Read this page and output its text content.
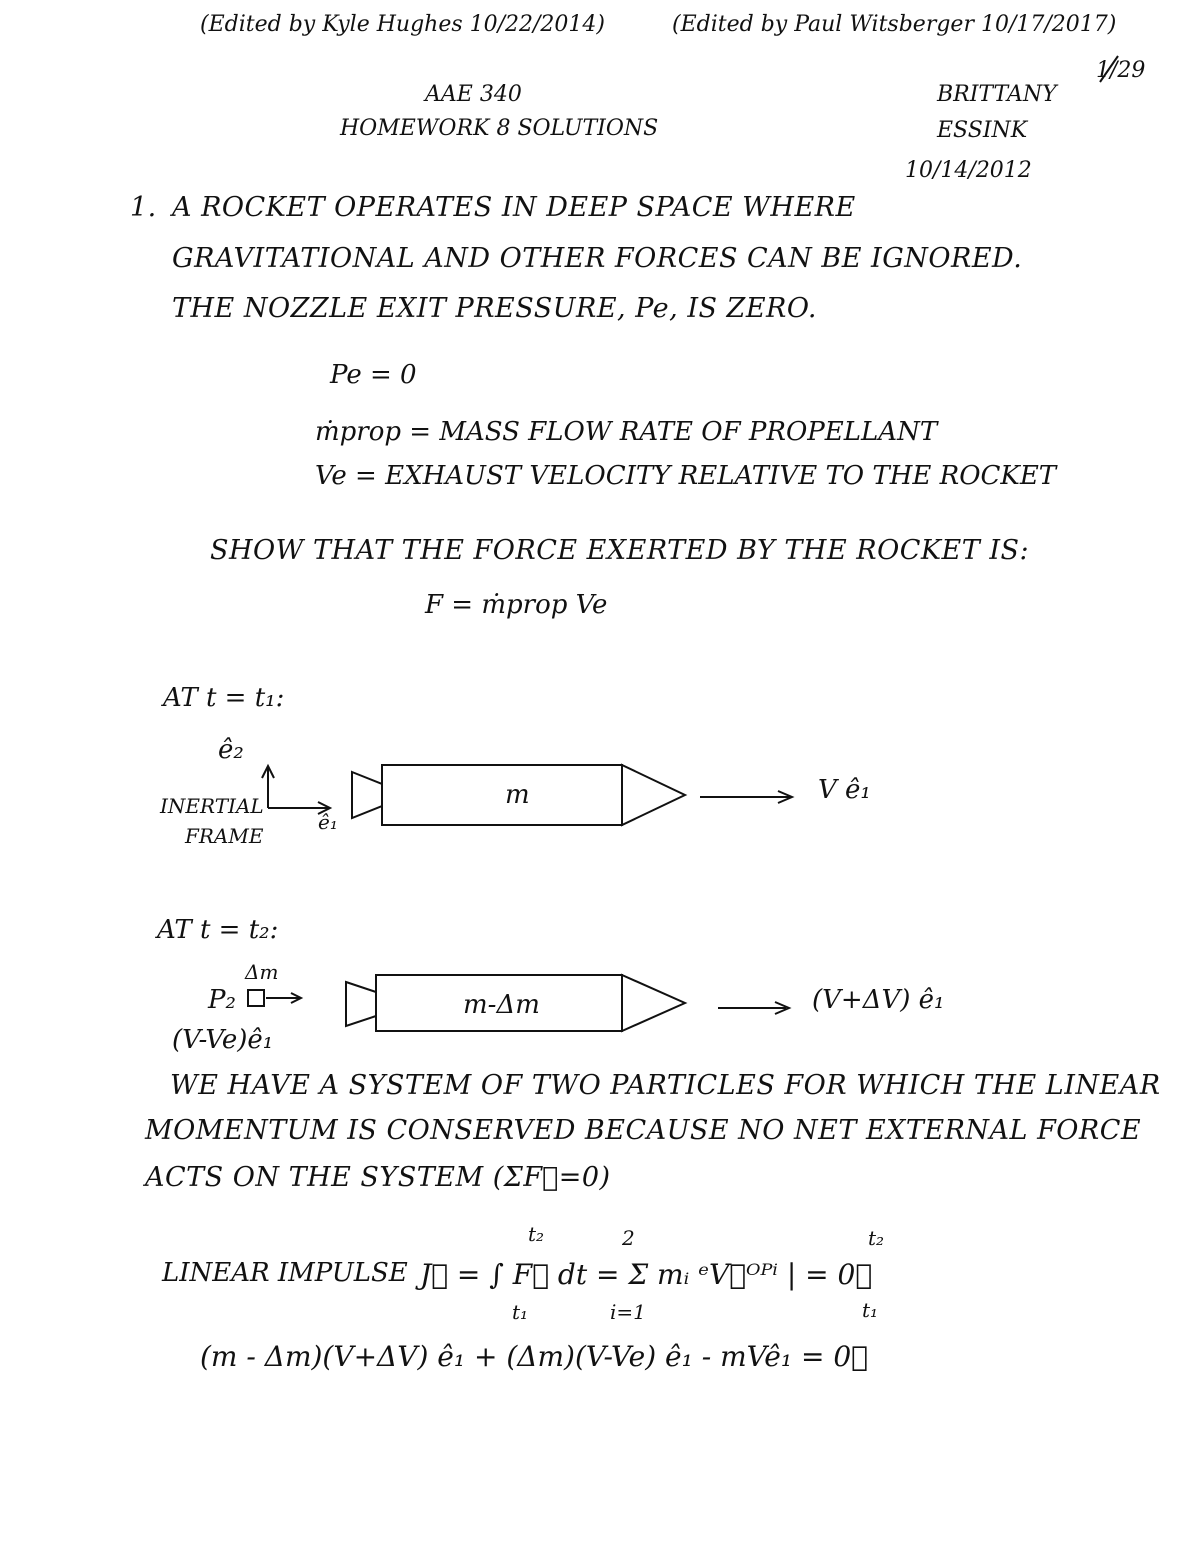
(Edited by Kyle Hughes 10/22/2014)	(Edited by Paul Witsberger 10/17/2017)
1/29
AAE 340
HOMEWORK 8 SOLUTIONS
BRITTANY
ESSINK
10/14/2012
1. A ROCKET OPERATES IN DEEP SPACE WHERE
GRAVITATIONAL AND OTHER FORCES CAN BE IGNORED.
THE NOZZLE EXIT PRESSURE, Pe, IS ZERO.
Pe = 0
ṁprop = MASS FLOW RATE OF PROPELLANT
Ve = EXHAUST VELOCITY RELATIVE TO THE ROCKET
SHOW THAT THE FORCE EXERTED BY THE ROCKET IS:
F = ṁprop Ve
AT t = t₁:
ê₂
ê₁
INERTIAL
FRAME
m	V ê₁
AT t = t₂:
Δm
P₂
(V-Ve)ê₁
m-Δm	(V+ΔV) ê₁
WE HAVE A SYSTEM OF TWO PARTICLES FOR WHICH THE LINEAR
MOMENTUM IS CONSERVED BECAUSE NO NET EXTERNAL FORCE
ACTS ON THE SYSTEM (ΣF⃗=0)
LINEAR IMPULSE J⃗ = ∫ F⃗ dt = Σ mᵢ ᵉV⃗ᴼᴾⁱ | = 0⃗
t₂
t₁
2
i=1
t₂
t₁
(m - Δm)(V+ΔV) ê₁ + (Δm)(V-Ve) ê₁ - mVê₁ = 0⃗
